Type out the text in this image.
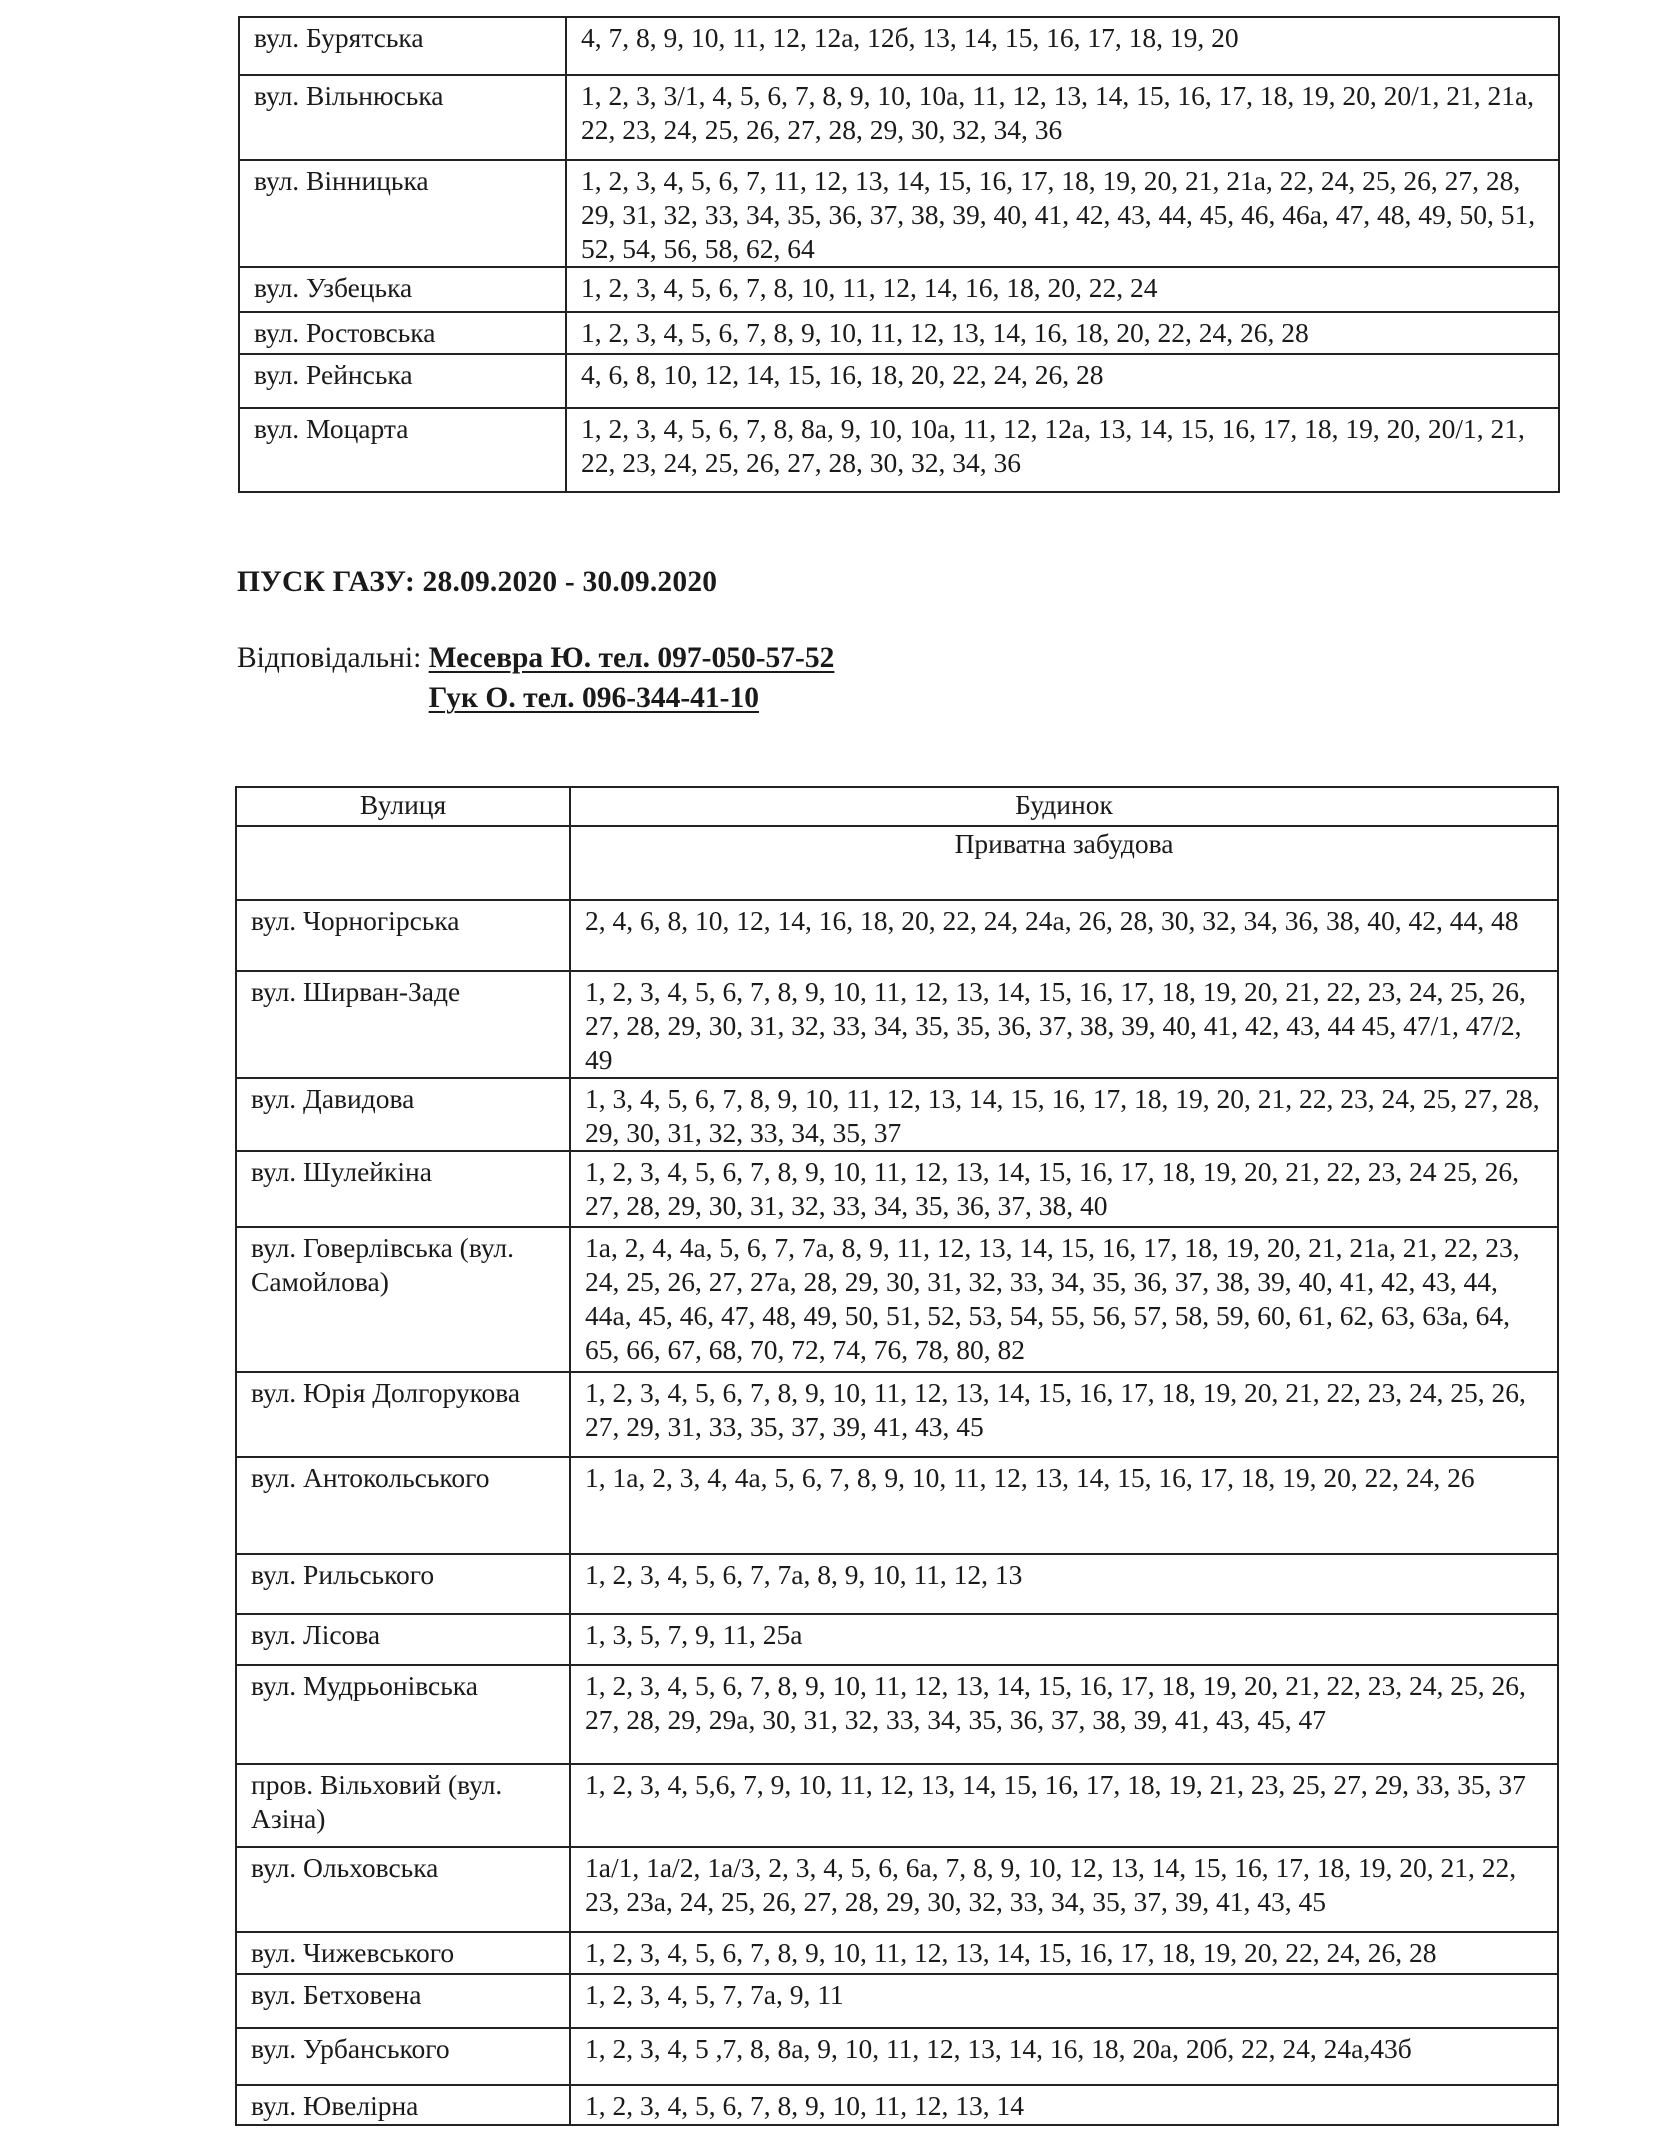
вул. Бурятська	4, 7, 8, 9, 10, 11, 12, 12а, 12б, 13, 14, 15, 16, 17, 18, 19, 20
вул. Вільнюська	1, 2, 3, 3/1, 4, 5, 6, 7, 8, 9, 10, 10а, 11, 12, 13, 14, 15, 16, 17, 18, 19, 20, 20/1, 21, 21а, 22, 23, 24, 25, 26, 27, 28, 29, 30, 32, 34, 36
вул. Вінницька	1, 2, 3, 4, 5, 6, 7, 11, 12, 13, 14, 15, 16, 17, 18, 19, 20, 21, 21а, 22, 24, 25, 26, 27, 28, 29, 31, 32, 33, 34, 35, 36, 37, 38, 39, 40, 41, 42, 43, 44, 45, 46, 46а, 47, 48, 49, 50, 51, 52, 54, 56, 58, 62, 64
вул. Узбецька	1, 2, 3, 4, 5, 6, 7, 8, 10, 11, 12, 14, 16, 18, 20, 22, 24
вул. Ростовська	1, 2, 3, 4, 5, 6, 7, 8, 9, 10, 11, 12, 13, 14, 16, 18, 20, 22, 24, 26, 28
вул. Рейнська	4, 6, 8, 10, 12, 14, 15, 16, 18, 20, 22, 24, 26, 28
вул. Моцарта	1, 2, 3, 4, 5, 6, 7, 8, 8а, 9, 10, 10а, 11, 12, 12а, 13, 14, 15, 16, 17, 18, 19, 20, 20/1, 21, 22, 23, 24, 25, 26, 27, 28, 30, 32, 34, 36
ПУСК ГАЗУ: 28.09.2020 - 30.09.2020
Відповідальні: Месевра Ю. тел. 097-050-57-52
Гук О. тел. 096-344-41-10
Вулиця	Будинок
	Приватна забудова
вул. Чорногірська	2, 4, 6, 8, 10, 12, 14, 16, 18, 20, 22, 24, 24а, 26, 28, 30, 32, 34, 36, 38, 40, 42, 44, 48
вул. Ширван-Заде	1, 2, 3, 4, 5, 6, 7, 8, 9, 10, 11, 12, 13, 14, 15, 16, 17, 18, 19, 20, 21, 22, 23, 24, 25, 26, 27, 28, 29, 30, 31, 32, 33, 34, 35, 35, 36, 37, 38, 39, 40, 41, 42, 43, 44 45, 47/1, 47/2, 49
вул. Давидова	1, 3, 4, 5, 6, 7, 8, 9, 10, 11, 12, 13, 14, 15, 16, 17, 18, 19, 20, 21, 22, 23, 24, 25, 27, 28, 29, 30, 31, 32, 33, 34, 35, 37
вул. Шулейкіна	1, 2, 3, 4, 5, 6, 7, 8, 9, 10, 11, 12, 13, 14, 15, 16, 17, 18, 19, 20, 21, 22, 23, 24 25, 26, 27, 28, 29, 30, 31, 32, 33, 34, 35, 36, 37, 38, 40
вул. Говерлівська (вул. Самойлова)	1а, 2, 4, 4а, 5, 6, 7, 7а, 8, 9, 11, 12, 13, 14, 15, 16, 17, 18, 19, 20, 21, 21а, 21, 22, 23, 24, 25, 26, 27, 27а, 28, 29, 30, 31, 32, 33, 34, 35, 36, 37, 38, 39, 40, 41, 42, 43, 44, 44а, 45, 46, 47, 48, 49, 50, 51, 52, 53, 54, 55, 56, 57, 58, 59, 60, 61, 62, 63, 63а, 64, 65, 66, 67, 68, 70, 72, 74, 76, 78, 80, 82
вул. Юрія Долгорукова	1, 2, 3, 4, 5, 6, 7, 8, 9, 10, 11, 12, 13, 14, 15, 16, 17, 18, 19, 20, 21, 22, 23, 24, 25, 26, 27, 29, 31, 33, 35, 37, 39, 41, 43, 45
вул. Антокольського	1, 1а, 2, 3, 4, 4а, 5, 6, 7, 8, 9, 10, 11, 12, 13, 14, 15, 16, 17, 18, 19, 20, 22, 24, 26
вул. Рильського	1, 2, 3, 4, 5, 6, 7, 7а, 8, 9, 10, 11, 12, 13
вул. Лісова	1, 3, 5, 7, 9, 11, 25а
вул. Мудрьонівська	1, 2, 3, 4, 5, 6, 7, 8, 9, 10, 11, 12, 13, 14, 15, 16, 17, 18, 19, 20, 21, 22, 23, 24, 25, 26, 27, 28, 29, 29а, 30, 31, 32, 33, 34, 35, 36, 37, 38, 39, 41, 43, 45, 47
пров. Вільховий (вул. Азіна)	1, 2, 3, 4, 5,6, 7, 9, 10, 11, 12, 13, 14, 15, 16, 17, 18, 19, 21, 23, 25, 27, 29, 33, 35, 37
вул. Ольховська	1а/1, 1а/2, 1а/3, 2, 3, 4, 5, 6, 6а, 7, 8, 9, 10, 12, 13, 14, 15, 16, 17, 18, 19, 20, 21, 22, 23, 23а, 24, 25, 26, 27, 28, 29, 30, 32, 33, 34, 35, 37, 39, 41, 43, 45
вул. Чижевського	1, 2, 3, 4, 5, 6, 7, 8, 9, 10, 11, 12, 13, 14, 15, 16, 17, 18, 19, 20, 22, 24, 26, 28
вул. Бетховена	1, 2, 3, 4, 5, 7, 7а, 9, 11
вул. Урбанського	1, 2, 3, 4, 5 ,7, 8, 8а, 9, 10, 11, 12, 13, 14, 16, 18, 20а, 20б, 22, 24, 24а,43б
вул. Ювелірна	1, 2, 3, 4, 5, 6, 7, 8, 9, 10, 11, 12, 13, 14
